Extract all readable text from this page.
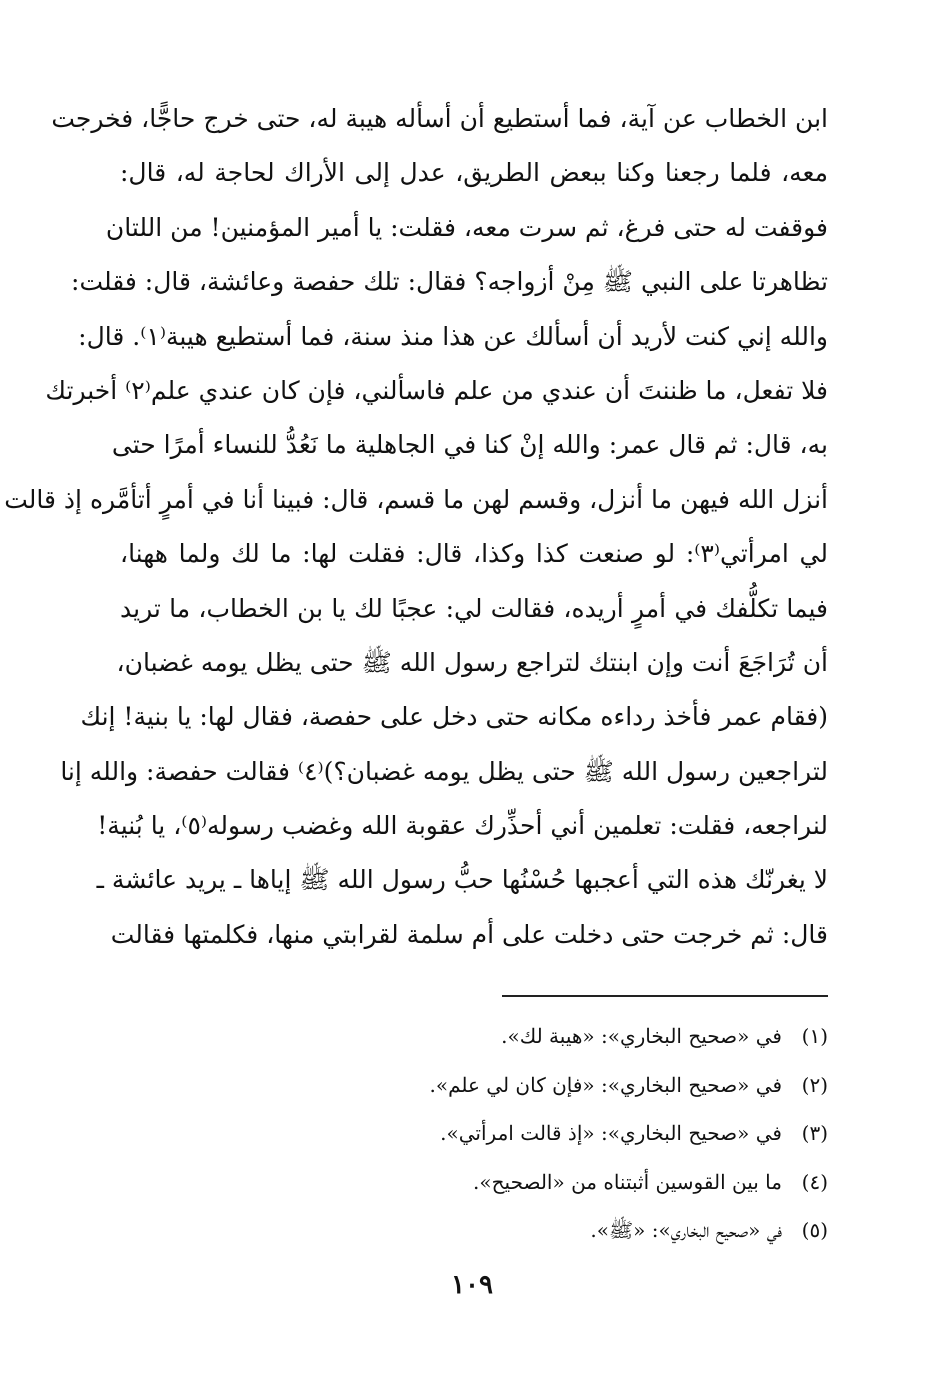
ابن الخطاب عن آية، فما أستطيع أن أسأله هيبة له، حتى خرج حاجًّا، فخرجت
معه، فلما رجعنا وكنا ببعض الطريق، عدل إلى الأراك لحاجة له، قال:
فوقفت له حتى فرغ، ثم سرت معه، فقلت: يا أمير المؤمنين! من اللتان
تظاهرتا على النبي ﷺ مِنْ أزواجه؟ فقال: تلك حفصة وعائشة، قال: فقلت:
والله إني كنت لأريد أن أسألك عن هذا منذ سنة، فما أستطيع هيبة⁽١⁾. قال:
فلا تفعل، ما ظننتَ أن عندي من علم فاسألني، فإن كان عندي علم⁽٢⁾ أخبرتك
به، قال: ثم قال عمر: والله إنْ كنا في الجاهلية ما نَعُدُّ للنساء أمرًا حتى
أنزل الله فيهن ما أنزل، وقسم لهن ما قسم، قال: فبينا أنا في أمرٍ أتأمَّره إذ قالت
لي امرأتي⁽٣⁾: لو صنعت كذا وكذا، قال: فقلت لها: ما لك ولما ههنا،
فيما تكلُّفك في أمرٍ أريده، فقالت لي: عجبًا لك يا بن الخطاب، ما تريد
أن تُرَاجَعَ أنت وإن ابنتك لتراجع رسول الله ﷺ حتى يظل يومه غضبان،
(فقام عمر فأخذ رداءه مكانه حتى دخل على حفصة، فقال لها: يا بنية! إنك
لتراجعين رسول الله ﷺ حتى يظل يومه غضبان؟)⁽٤⁾ فقالت حفصة: والله إنا
لنراجعه، فقلت: تعلمين أني أحذِّرك عقوبة الله وغضب رسوله⁽٥⁾، يا بُنية!
لا يغرنّك هذه التي أعجبها حُسْنُها حبُّ رسول الله ﷺ إياها ـ يريد عائشة ـ
قال: ثم خرجت حتى دخلت على أم سلمة لقرابتي منها، فكلمتها فقالت
(١)
في «صحيح البخاري»: «هيبة لك».
(٢)
في «صحيح البخاري»: «فإن كان لي علم».
(٣)
في «صحيح البخاري»: «إذ قالت امرأتي».
(٤)
ما بين القوسين أثبتناه من «الصحيح».
(٥)
في «صحيح البخاري»: «ﷺ».
١٠٩
